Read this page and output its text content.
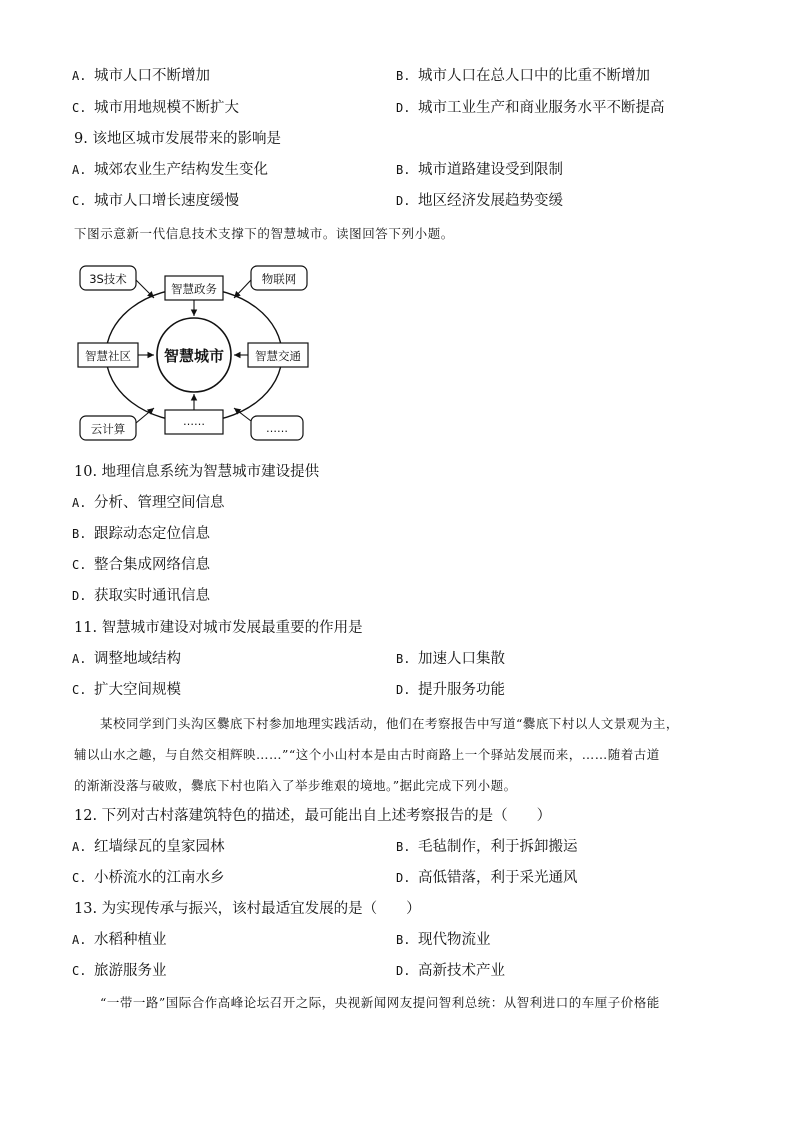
A. 城市人口不断增加	B. 城市人口在总人口中的比重不断增加
C. 城市用地规模不断扩大	D. 城市工业生产和商业服务水平不断提高
9. 该地区城市发展带来的影响是
A. 城郊农业生产结构发生变化	B. 城市道路建设受到限制
C. 城市人口增长速度缓慢	D. 地区经济发展趋势变缓
下图示意新一代信息技术支撑下的智慧城市。读图回答下列小题。
智慧城市
智慧政务
智慧社区	智慧交通
……
3S技术	物联网
云计算	……
10. 地理信息系统为智慧城市建设提供
A. 分析、管理空间信息
B. 跟踪动态定位信息
C. 整合集成网络信息
D. 获取实时通讯信息
11. 智慧城市建设对城市发展最重要的作用是
A. 调整地域结构	B. 加速人口集散
C. 扩大空间规模	D. 提升服务功能
某校同学到门头沟区爨底下村参加地理实践活动，他们在考察报告中写道“爨底下村以人文景观为主，
辅以山水之趣，与自然交相辉映……”“这个小山村本是由古时商路上一个驿站发展而来，……随着古道
的渐渐没落与破败，爨底下村也陷入了举步维艰的境地。”据此完成下列小题。
12. 下列对古村落建筑特色的描述，最可能出自上述考察报告的是（　　）
A. 红墙绿瓦的皇家园林	B. 毛毡制作，利于拆卸搬运
C. 小桥流水的江南水乡	D. 高低错落，利于采光通风
13. 为实现传承与振兴，该村最适宜发展的是（　　）
A. 水稻种植业	B. 现代物流业
C. 旅游服务业	D. 高新技术产业
“一带一路”国际合作高峰论坛召开之际，央视新闻网友提问智利总统：从智利进口的车厘子价格能
